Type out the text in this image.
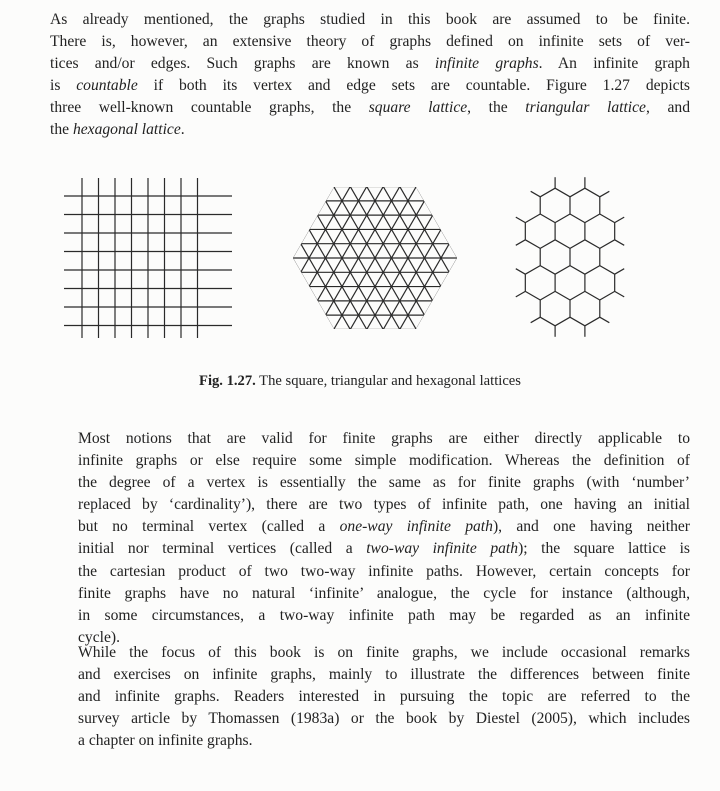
As already mentioned, the graphs studied in this book are assumed to be finite.
There is, however, an extensive theory of graphs defined on infinite sets of ver-
tices and/or edges. Such graphs are known as infinite graphs. An infinite graph
is countable if both its vertex and edge sets are countable. Figure 1.27 depicts
three well-known countable graphs, the square lattice, the triangular lattice, and
the hexagonal lattice.
Fig. 1.27. The square, triangular and hexagonal lattices
Most notions that are valid for finite graphs are either directly applicable to
infinite graphs or else require some simple modification. Whereas the definition of
the degree of a vertex is essentially the same as for finite graphs (with ‘number’
replaced by ‘cardinality’), there are two types of infinite path, one having an initial
but no terminal vertex (called a one-way infinite path), and one having neither
initial nor terminal vertices (called a two-way infinite path); the square lattice is
the cartesian product of two two-way infinite paths. However, certain concepts for
finite graphs have no natural ‘infinite’ analogue, the cycle for instance (although,
in some circumstances, a two-way infinite path may be regarded as an infinite
cycle).
While the focus of this book is on finite graphs, we include occasional remarks
and exercises on infinite graphs, mainly to illustrate the differences between finite
and infinite graphs. Readers interested in pursuing the topic are referred to the
survey article by Thomassen (1983a) or the book by Diestel (2005), which includes
a chapter on infinite graphs.
